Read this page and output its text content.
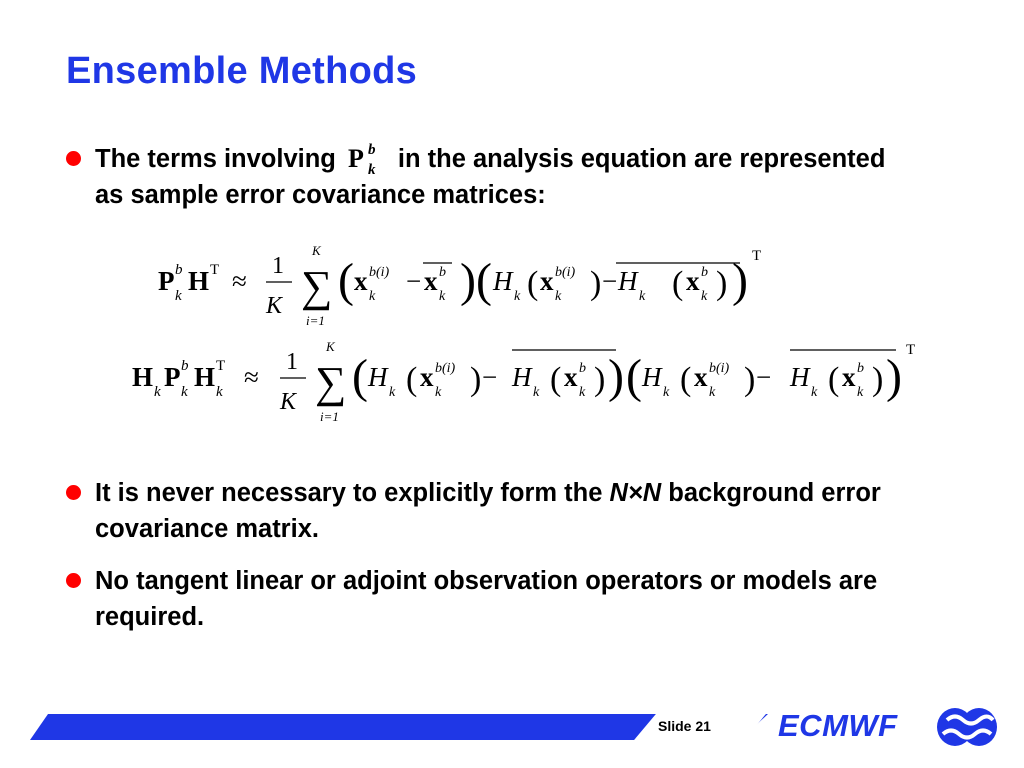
Ensemble Methods
The terms involving P b
k in the analysis equation are represented as sample error covariance matrices:
P b
k H T ≈ 1
K
K
∑
i=1
( x b(i)
k
− x b
k ) ( H
k ( x b(i)
k ) − H
k ( x b
k ) ) T
H k P b
k H T
k ≈ 1
K
K
∑
i=1
( H
k ( x b(i)
k ) − H
k ( x b
k ) ) ( H
k ( x b(i)
k ) − H
k ( x b
k ) ) T
It is never necessary to explicitly form the N×N background error covariance matrix.
No tangent linear or adjoint observation operators or models are required.
Slide 21 ECMWF
